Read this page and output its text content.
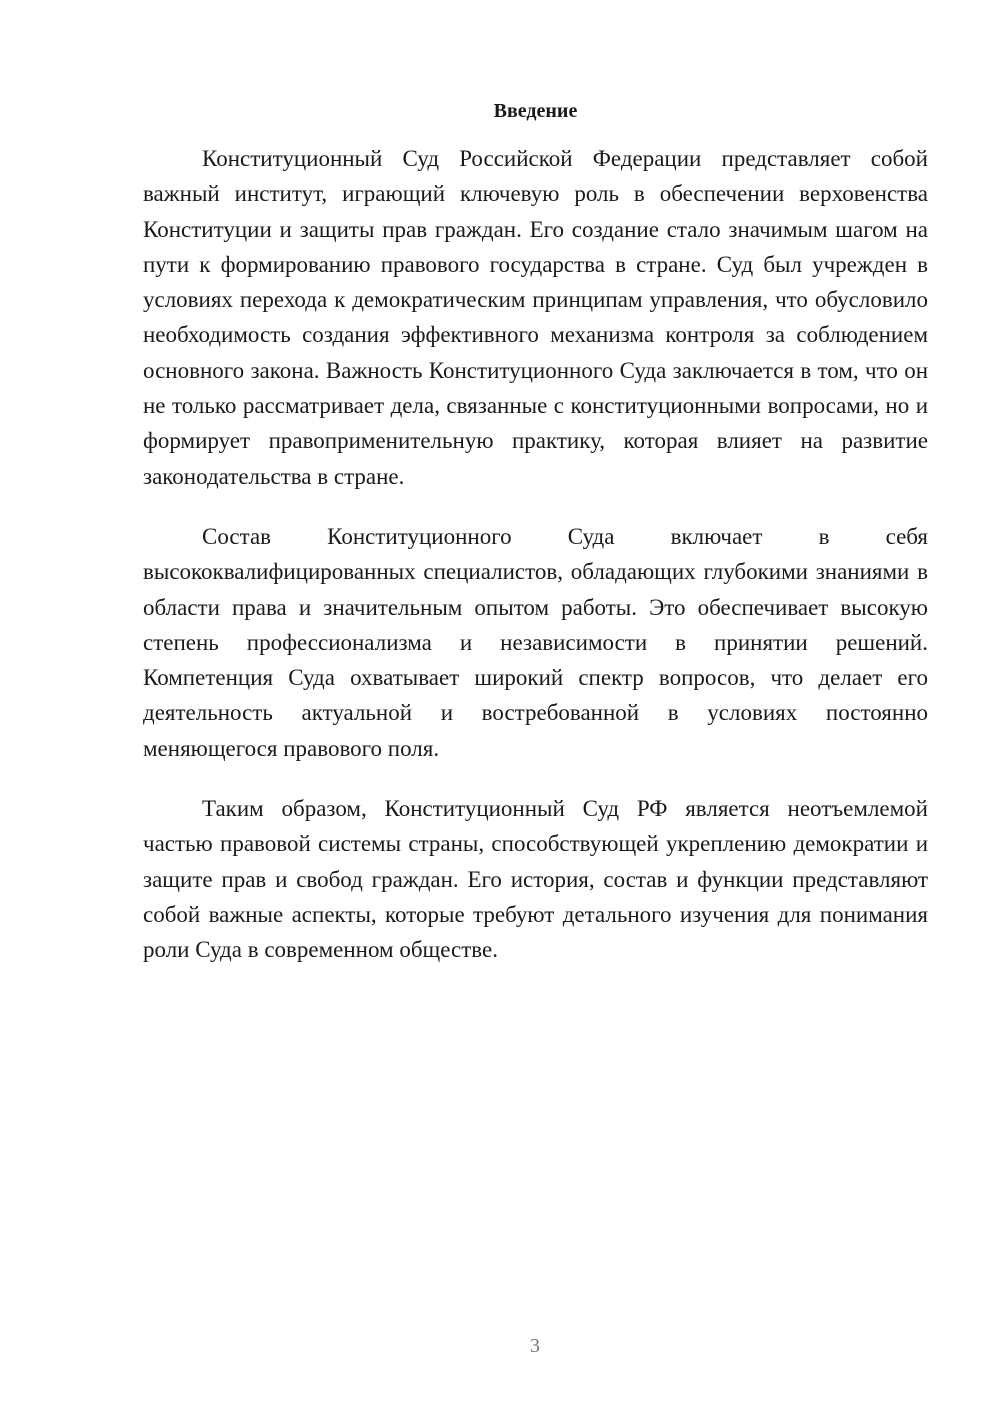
Введение

Конституционный Суд Российской Федерации представляет собой важный институт, играющий ключевую роль в обеспечении верховенства Конституции и защиты прав граждан. Его создание стало значимым шагом на пути к формированию правового государства в стране. Суд был учрежден в условиях перехода к демократическим принципам управления, что обусловило необходимость создания эффективного механизма контроля за соблюдением основного закона. Важность Конституционного Суда заключается в том, что он не только рассматривает дела, связанные с конституционными вопросами, но и формирует правоприменительную практику, которая влияет на развитие законодательства в стране.

Состав Конституционного Суда включает в себя высококвалифицированных специалистов, обладающих глубокими знаниями в области права и значительным опытом работы. Это обеспечивает высокую степень профессионализма и независимости в принятии решений. Компетенция Суда охватывает широкий спектр вопросов, что делает его деятельность актуальной и востребованной в условиях постоянно меняющегося правового поля.

Таким образом, Конституционный Суд РФ является неотъемлемой частью правовой системы страны, способствующей укреплению демократии и защите прав и свобод граждан. Его история, состав и функции представляют собой важные аспекты, которые требуют детального изучения для понимания роли Суда в современном обществе.

3
